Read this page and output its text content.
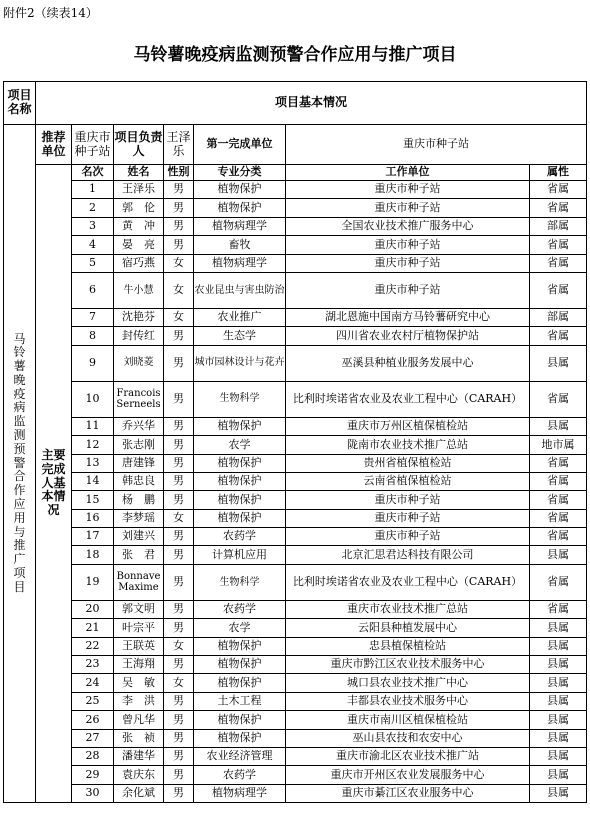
附件2（续表14）
马铃薯晚疫病监测预警合作应用与推广项目
项目名称	项目基本情况						
马铃薯晚疫病监测预警合作应用与推广项目	推荐单位	重庆市种子站	项目负责人	王泽乐	第一完成单位	重庆市种子站	
	主要完成人基本情况	名次	姓名	性别	专业分类	工作单位	属性
		1	王泽乐	男	植物保护	重庆市种子站	省属
		2	郭　伦	男	植物保护	重庆市种子站	省属
		3	黄　冲	男	植物病理学	全国农业技术推广服务中心	部属
		4	晏　亮	男	畜牧	重庆市种子站	省属
		5	宿巧燕	女	植物病理学	重庆市种子站	省属
		6	牛小慧	女	农业昆虫与害虫防治	重庆市种子站	省属
		7	沈艳芬	女	农业推广	湖北恩施中国南方马铃薯研究中心	部属
		8	封传红	男	生态学	四川省农业农村厅植物保护站	省属
		9	刘晓菱	男	城市园林设计与花卉	巫溪县种植业服务发展中心	县属
		10	Francois Serneels	男	生物科学	比利时埃诺省农业及农业工程中心（CARAH）	省属
		11	乔兴华	男	植物保护	重庆市万州区植保植检站	县属
		12	张志刚	男	农学	陇南市农业技术推广总站	地市属
		13	唐建锋	男	植物保护	贵州省植保植检站	省属
		14	韩忠良	男	植物保护	云南省植保植检站	省属
		15	杨　鹏	男	植物保护	重庆市种子站	省属
		16	李梦瑶	女	植物保护	重庆市种子站	省属
		17	刘建兴	男	农药学	重庆市种子站	省属
		18	张　君	男	计算机应用	北京汇思君达科技有限公司	县属
		19	Bonnave Maxime	男	生物科学	比利时埃诺省农业及农业工程中心（CARAH）	省属
		20	郭文明	男	农药学	重庆市农业技术推广总站	省属
		21	叶宗平	男	农学	云阳县种植发展中心	县属
		22	王联英	女	植物保护	忠县植保植检站	县属
		23	王海翔	男	植物保护	重庆市黔江区农业技术服务中心	县属
		24	吴　敏	女	植物保护	城口县农业技术推广中心	县属
		25	李　洪	男	土木工程	丰都县农业技术服务中心	县属
		26	曾凡华	男	植物保护	重庆市南川区植保植检站	县属
		27	张　祯	男	植物保护	巫山县农技和农安中心	县属
		28	潘建华	男	农业经济管理	重庆市渝北区农业技术推广站	县属
		29	袁庆东	男	农药学	重庆市开州区农业发展服务中心	县属
		30	余化斌	男	植物病理学	重庆市綦江区农业服务中心	县属
